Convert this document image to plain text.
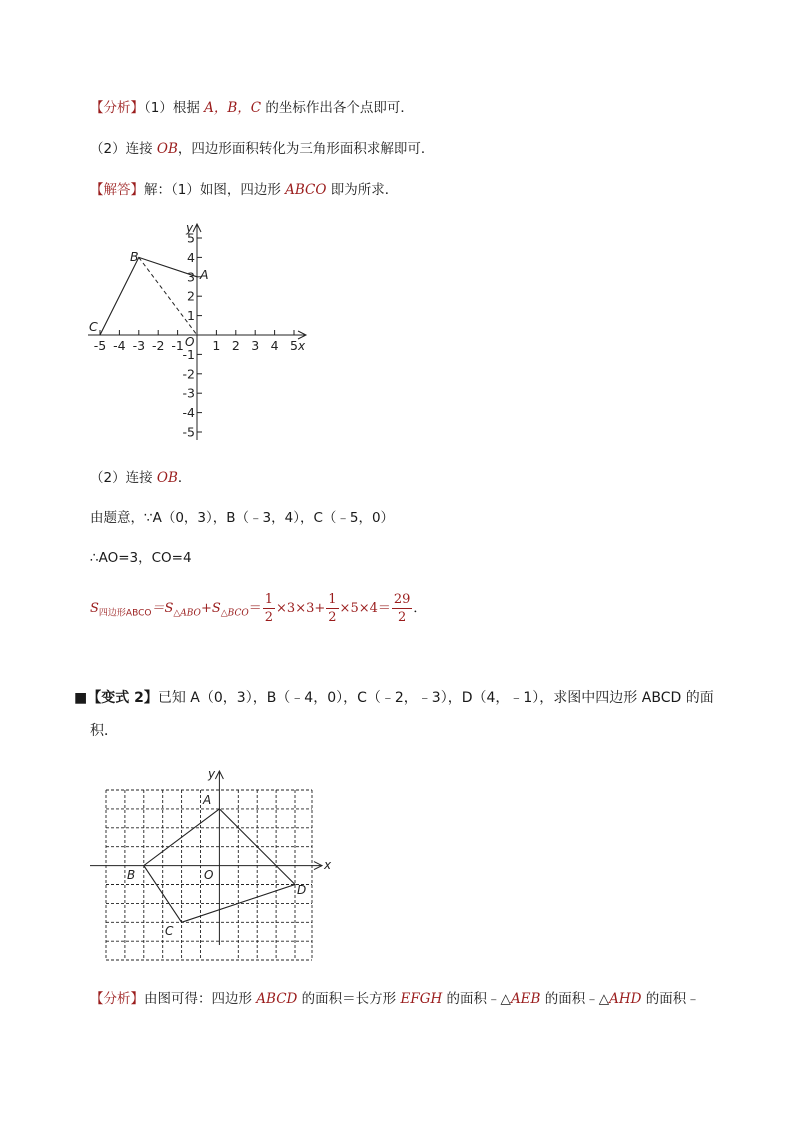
【分析】（1）根据 A，B，C 的坐标作出各个点即可．
（2）连接 OB，四边形面积转化为三角形面积求解即可．
【解答】解：（1）如图，四边形 ABCO 即为所求．
5
4
3
2
1
-1
-2
-3
-4
-5
-5 -4 -3 -2 -1 1 2 3 4 5
y
x
O
A
B
C
（2）连接 OB．
由题意，∵A（0，3），B（﹣3，4），C（﹣5，0）
∴AO=3，CO=4
$S_{四边形ABCO}=S_{\triangle ABO}+S_{\triangle BCO}= \frac{1}{2} \times 3\times 3+ \frac{1}{2} \times 5\times 4= \frac{29}{2}$ ．
■【变式 2】已知 A（0，3），B（﹣4，0），C（﹣2，﹣3），D（4，﹣1），求图中四边形 ABCD 的面
积．
y
x
O
A
B
C
D
【分析】由图可得：四边形 ABCD 的面积＝长方形 EFGH 的面积﹣△AEB 的面积﹣△AHD 的面积﹣
